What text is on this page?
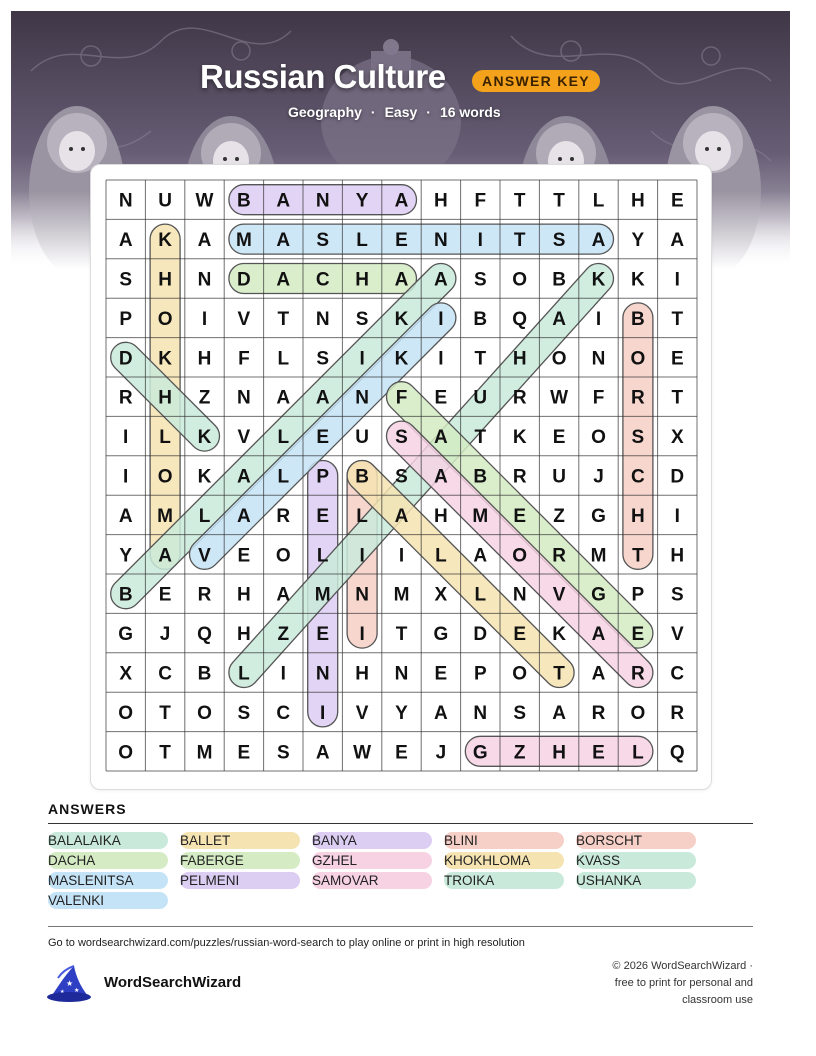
Russian Culture	ANSWER KEY
Geography · Easy · 16 words
N U W B A N Y A H F T T L H E
A K A M A S L E N I T S A Y A
S H N D A C H A A S O B K K I
P O I V T N S K I B Q A I B T
D K H F L S I K I T H O N O E
R H Z N A A N F E U R W F R T
I L K V L E U S A T K E O S X
I O K A L P B S A B R U J C D
A M L A R E L A H M E Z G H I
Y A V E O L I I L A O R M T H
B E R H A M N M X L N V G P S
G J Q H Z E I T G D E K A E V
X C B L I N H N E P O T A R C
O T O S C I V Y A N S A R O R
O T M E S A W E J G Z H E L Q
ANSWERS
BALALAIKA	BALLET	BANYA	BLINI	BORSCHT
DACHA	FABERGE	GZHEL	KHOKHLOMA	KVASS
MASLENITSA	PELMENI	SAMOVAR	TROIKA	USHANKA
VALENKI
Go to wordsearchwizard.com/puzzles/russian-word-search to play online or print in high resolution
★
★
★
WordSearchWizard
© 2026 WordSearchWizard ·
free to print for personal and
classroom use
